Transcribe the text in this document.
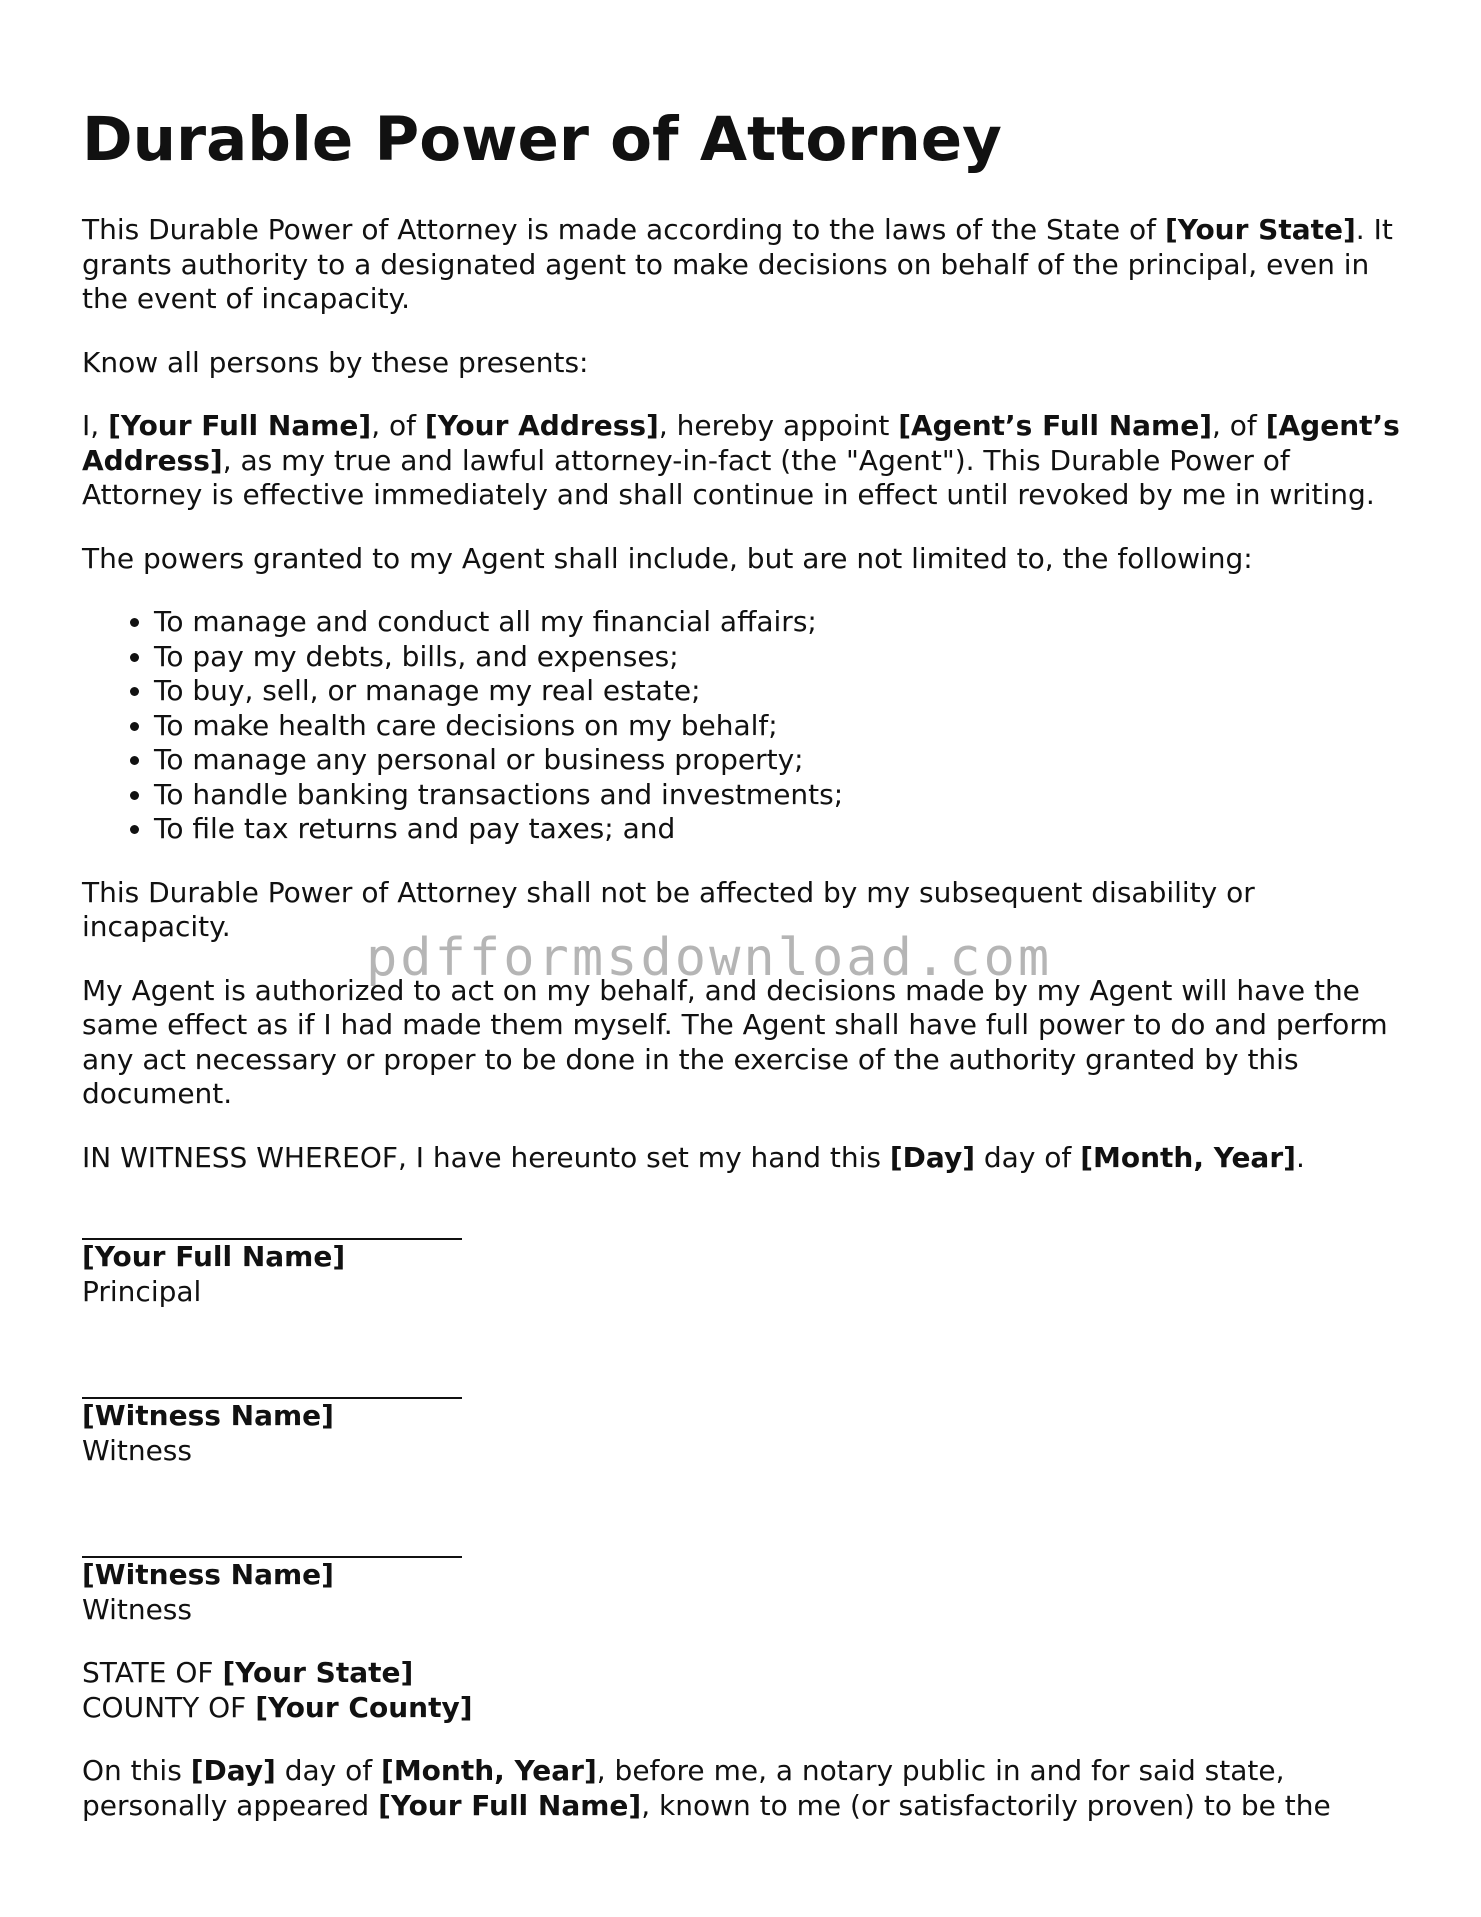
Durable Power of Attorney

This Durable Power of Attorney is made according to the laws of the State of [Your State]. It grants authority to a designated agent to make decisions on behalf of the principal, even in the event of incapacity.

Know all persons by these presents:

I, [Your Full Name], of [Your Address], hereby appoint [Agent’s Full Name], of [Agent’s Address], as my true and lawful attorney-in-fact (the "Agent"). This Durable Power of Attorney is effective immediately and shall continue in effect until revoked by me in writing.

The powers granted to my Agent shall include, but are not limited to, the following:

• To manage and conduct all my financial affairs;
• To pay my debts, bills, and expenses;
• To buy, sell, or manage my real estate;
• To make health care decisions on my behalf;
• To manage any personal or business property;
• To handle banking transactions and investments;
• To file tax returns and pay taxes; and

This Durable Power of Attorney shall not be affected by my subsequent disability or incapacity.

My Agent is authorized to act on my behalf, and decisions made by my Agent will have the same effect as if I had made them myself. The Agent shall have full power to do and perform any act necessary or proper to be done in the exercise of the authority granted by this document.

IN WITNESS WHEREOF, I have hereunto set my hand this [Day] day of [Month, Year].

[Your Full Name]
Principal
[Witness Name]
Witness
[Witness Name]
Witness
STATE OF [Your State]
COUNTY OF [Your County]

On this [Day] day of [Month, Year], before me, a notary public in and for said state, personally appeared [Your Full Name], known to me (or satisfactorily proven) to be the

pdfformsdownload.com
